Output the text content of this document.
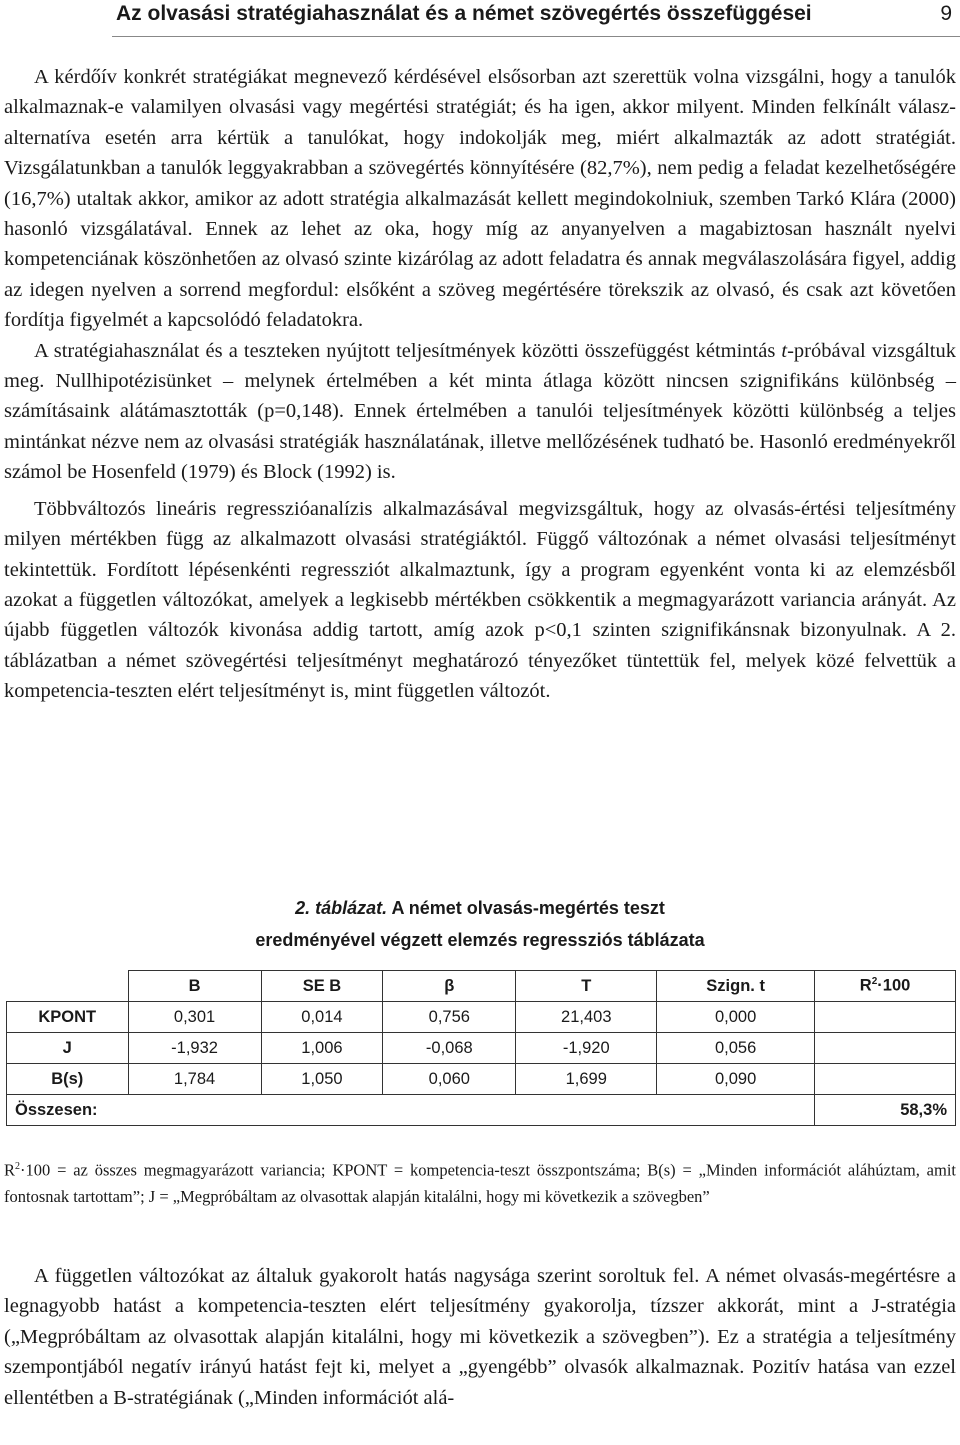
Az olvasási stratégiahasználat és a német szövegértés összefüggései	9

A kérdőív konkrét stratégiákat megnevező kérdésével elsősorban azt szerettük volna vizsgálni, hogy a tanulók alkalmaznak-e valamilyen olvasási vagy megértési stratégiát; és ha igen, akkor milyent. Minden felkínált válasz-alternatíva esetén arra kértük a tanulókat, hogy indokolják meg, miért alkalmazták az adott stratégiát. Vizsgálatunkban a tanulók leggyakrabban a szövegértés könnyítésére (82,7%), nem pedig a feladat kezelhetőségére (16,7%) utaltak akkor, amikor az adott stratégia alkalmazását kellett megindokolniuk, szemben Tarkó Klára (2000) hasonló vizsgálatával. Ennek az lehet az oka, hogy míg az anyanyelven a magabiztosan használt nyelvi kompetenciának köszönhetően az olvasó szinte kizárólag az adott feladatra és annak megválaszolására figyel, addig az idegen nyelven a sorrend megfordul: elsőként a szöveg megértésére törekszik az olvasó, és csak azt követően fordítja figyelmét a kapcsolódó feladatokra.

A stratégiahasználat és a teszteken nyújtott teljesítmények közötti összefüggést kétmintás t-próbával vizsgáltuk meg. Nullhipotézisünket – melynek értelmében a két minta átlaga között nincsen szignifikáns különbség – számításaink alátámasztották (p=0,148). Ennek értelmében a tanulói teljesítmények közötti különbség a teljes mintánkat nézve nem az olvasási stratégiák használatának, illetve mellőzésének tudható be. Hasonló eredményekről számol be Hosenfeld (1979) és Block (1992) is.

Többváltozós lineáris regresszióanalízis alkalmazásával megvizsgáltuk, hogy az olvasás-értési teljesítmény milyen mértékben függ az alkalmazott olvasási stratégiáktól. Függő változónak a német olvasási teljesítményt tekintettük. Fordított lépésenkénti regressziót alkalmaztunk, így a program egyenként vonta ki az elemzésből azokat a független változókat, amelyek a legkisebb mértékben csökkentik a megmagyarázott variancia arányát. Az újabb független változók kivonása addig tartott, amíg azok p<0,1 szinten szignifikánsnak bizonyulnak. A 2. táblázatban a német szövegértési teljesítményt meghatározó tényezőket tüntettük fel, melyek közé felvettük a kompetencia-teszten elért teljesítményt is, mint független változót.

2. táblázat. A német olvasás-megértés teszt
eredményével végzett elemzés regressziós táblázata
	B	SE B	β	T	Szign. t	$R^2\cdot 100$
KPONT	0,301	0,014	0,756	21,403	0,000	
J	-1,932	1,006	-0,068	-1,920	0,056	
B(s)	1,784	1,050	0,060	1,699	0,090	
Összesen:						58,3%
$R^2\cdot 100$ = az összes megmagyarázott variancia; KPONT = kompetencia-teszt összpontszáma; B(s) = „Minden információt aláhúztam, amit fontosnak tartottam”; J = „Megpróbáltam az olvasottak alapján kitalálni, hogy mi következik a szövegben”

A független változókat az általuk gyakorolt hatás nagysága szerint soroltuk fel. A német olvasás-megértésre a legnagyobb hatást a kompetencia-teszten elért teljesítmény gyakorolja, tízszer akkorát, mint a J-stratégia („Megpróbáltam az olvasottak alapján kitalálni, hogy mi következik a szövegben”). Ez a stratégia a teljesítmény szempontjából negatív irányú hatást fejt ki, melyet a „gyengébb” olvasók alkalmaznak. Pozitív hatása van ezzel ellentétben a B-stratégiának („Minden információt alá-
